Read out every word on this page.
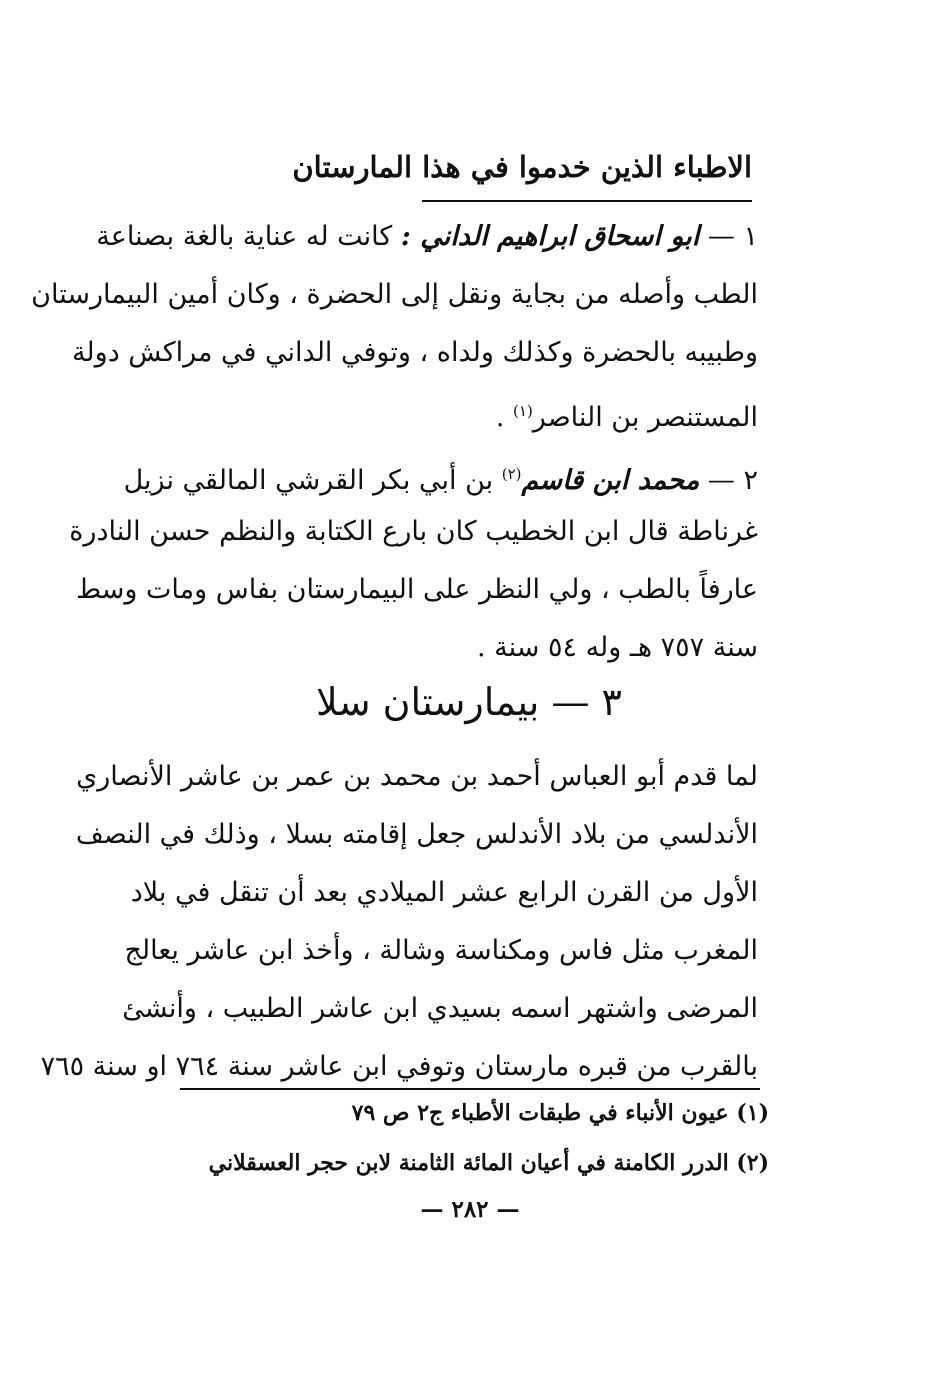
الاطباء الذين خدموا في هذا المارستان
١ — ابو اسحاق ابراهيم الداني : كانت له عناية بالغة بصناعة
الطب وأصله من بجاية ونقل إلى الحضرة ، وكان أمين البيمارستان
وطبيبه بالحضرة وكذلك ولداه ، وتوفي الداني في مراكش دولة
المستنصر بن الناصر$^{(١)}$ .
٢ — محمد ابن قاسم$^{(٢)}$ بن أبي بكر القرشي المالقي نزيل
غرناطة قال ابن الخطيب كان بارع الكتابة والنظم حسن النادرة
عارفاً بالطب ، ولي النظر على البيمارستان بفاس ومات وسط
سنة ٧٥٧ هـ وله ٥٤ سنة .
٣ — بيمارستان سلا
لما قدم أبو العباس أحمد بن محمد بن عمر بن عاشر الأنصاري
الأندلسي من بلاد الأندلس جعل إقامته بسلا ، وذلك في النصف
الأول من القرن الرابع عشر الميلادي بعد أن تنقل في بلاد
المغرب مثل فاس ومكناسة وشالة ، وأخذ ابن عاشر يعالج
المرضى واشتهر اسمه بسيدي ابن عاشر الطبيب ، وأنشئ
بالقرب من قبره مارستان وتوفي ابن عاشر سنة ٧٦٤ او سنة ٧٦٥
(١) عيون الأنباء في طبقات الأطباء ج٢ ص ٧٩
(٢) الدرر الكامنة في أعيان المائة الثامنة لابن حجر العسقلاني
— ٢٨٢ —
